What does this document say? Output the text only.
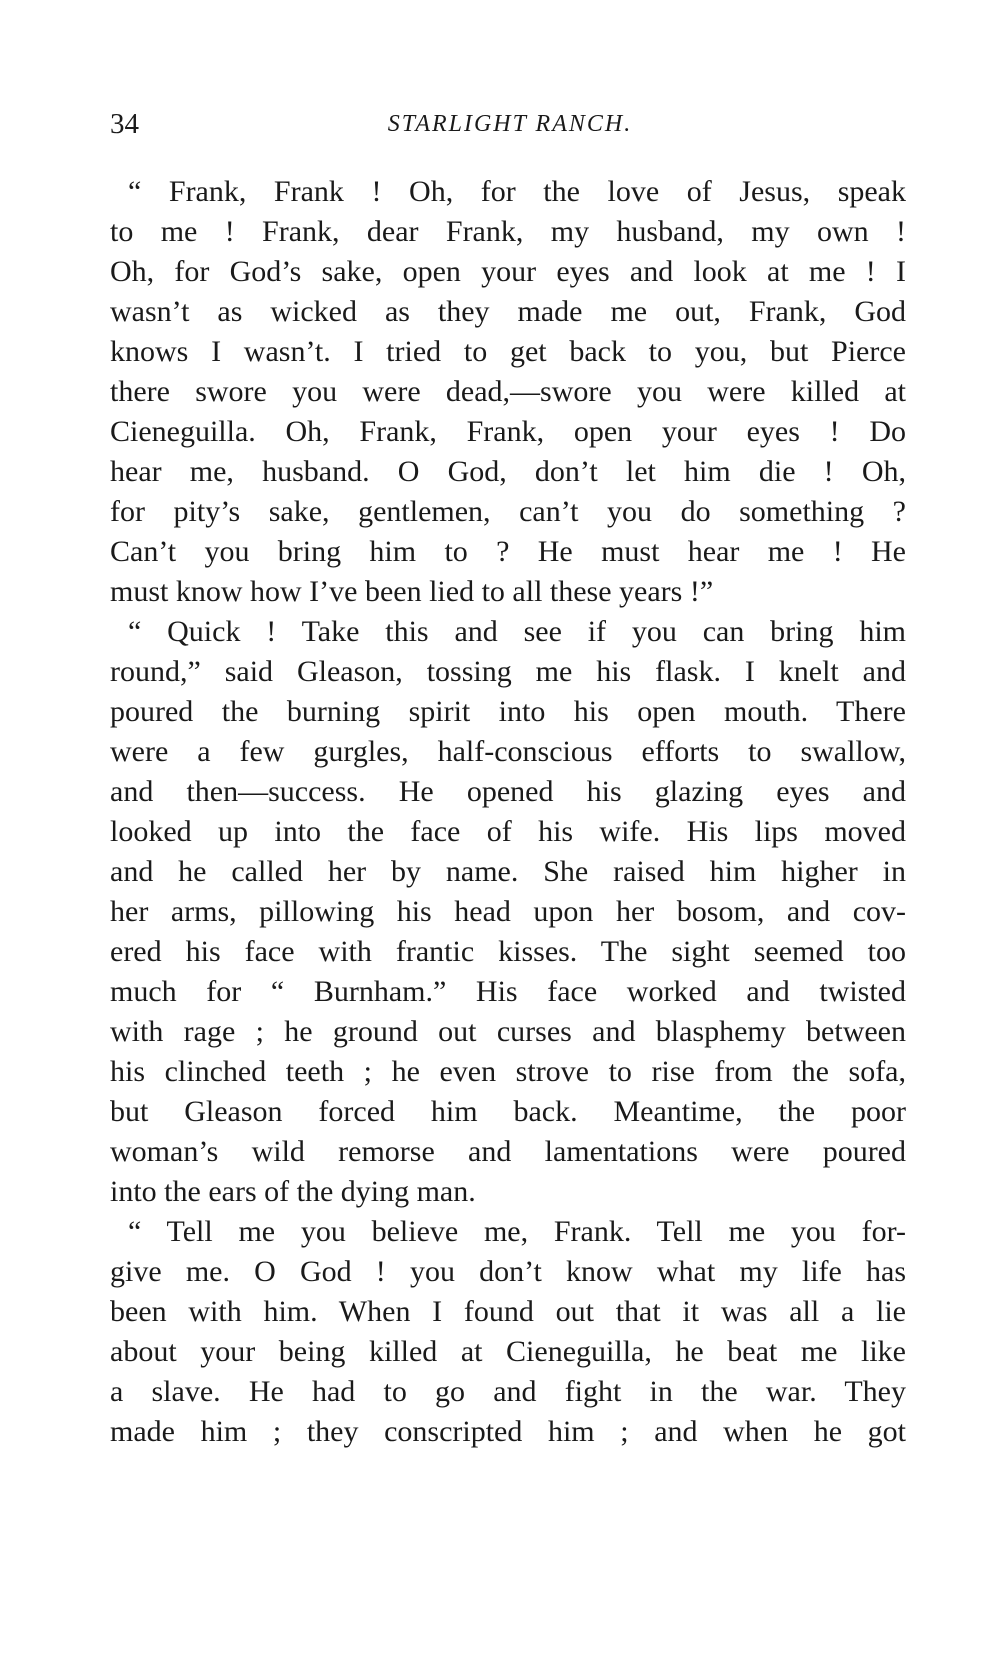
34	STARLIGHT RANCH.
“ Frank, Frank ! Oh, for the love of Jesus, speak
to me ! Frank, dear Frank, my husband, my own !
Oh, for God’s sake, open your eyes and look at me ! I
wasn’t as wicked as they made me out, Frank, God
knows I wasn’t. I tried to get back to you, but Pierce
there swore you were dead,—swore you were killed at
Cieneguilla. Oh, Frank, Frank, open your eyes ! Do
hear me, husband. O God, don’t let him die ! Oh,
for pity’s sake, gentlemen, can’t you do something ?
Can’t you bring him to ? He must hear me ! He
must know how I’ve been lied to all these years !”
“ Quick ! Take this and see if you can bring him
round,” said Gleason, tossing me his flask. I knelt and
poured the burning spirit into his open mouth. There
were a few gurgles, half-conscious efforts to swallow,
and then—success. He opened his glazing eyes and
looked up into the face of his wife. His lips moved
and he called her by name. She raised him higher in
her arms, pillowing his head upon her bosom, and cov-
ered his face with frantic kisses. The sight seemed too
much for “ Burnham.” His face worked and twisted
with rage ; he ground out curses and blasphemy between
his clinched teeth ; he even strove to rise from the sofa,
but Gleason forced him back. Meantime, the poor
woman’s wild remorse and lamentations were poured
into the ears of the dying man.
“ Tell me you believe me, Frank. Tell me you for-
give me. O God ! you don’t know what my life has
been with him. When I found out that it was all a lie
about your being killed at Cieneguilla, he beat me like
a slave. He had to go and fight in the war. They
made him ; they conscripted him ; and when he got
